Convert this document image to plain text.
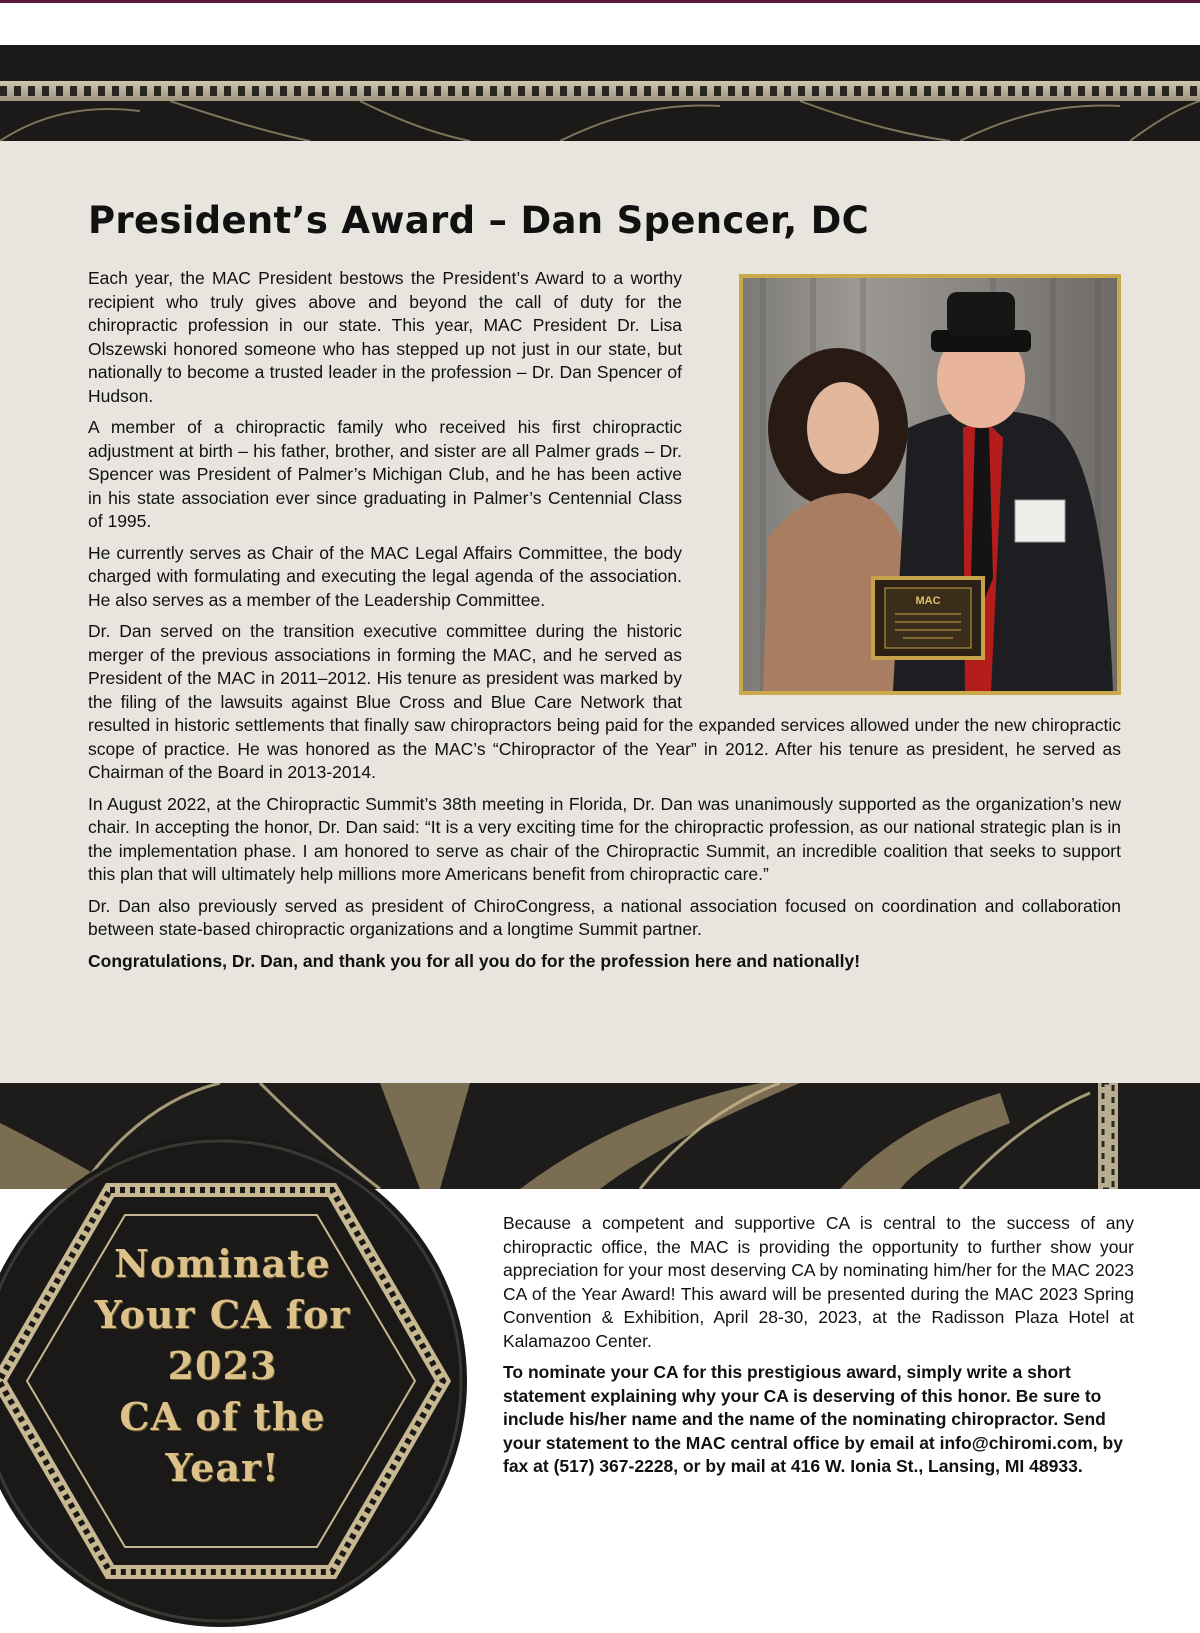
President’s Award – Dan Spencer, DC

Each year, the MAC President bestows the President’s Award to a worthy recipient who truly gives above and beyond the call of duty for the chiropractic profession in our state. This year, MAC President Dr. Lisa Olszewski honored someone who has stepped up not just in our state, but nationally to become a trusted leader in the profession – Dr. Dan Spencer of Hudson.

A member of a chiropractic family who received his first chiropractic adjustment at birth – his father, brother, and sister are all Palmer grads – Dr. Spencer was President of Palmer’s Michigan Club, and he has been active in his state association ever since graduating in Palmer’s Centennial Class of 1995.

He currently serves as Chair of the MAC Legal Affairs Committee, the body charged with formulating and executing the legal agenda of the association. He also serves as a member of the Leadership Committee.

Dr. Dan served on the transition executive committee during the historic merger of the previous associations in forming the MAC, and he served as President of the MAC in 2011–2012. His tenure as president was marked by the filing of the lawsuits against Blue Cross and Blue Care Network that resulted in historic settlements that finally saw chiropractors being paid for the expanded services allowed under the new chiropractic scope of practice. He was honored as the MAC’s “Chiropractor of the Year” in 2012. After his tenure as president, he served as Chairman of the Board in 2013-2014.

In August 2022, at the Chiropractic Summit’s 38th meeting in Florida, Dr. Dan was unanimously supported as the organization’s new chair. In accepting the honor, Dr. Dan said: “It is a very exciting time for the chiropractic profession, as our national strategic plan is in the implementation phase. I am honored to serve as chair of the Chiropractic Summit, an incredible coalition that seeks to support this plan that will ultimately help millions more Americans benefit from chiropractic care.”

Dr. Dan also previously served as president of ChiroCongress, a national association focused on coordination and collaboration between state-based chiropractic organizations and a longtime Summit partner.

Congratulations, Dr. Dan, and thank you for all you do for the profession here and nationally!

MAC
Nominate
Your CA for
2023
CA of the
Year!

Because a competent and supportive CA is central to the success of any chiropractic office, the MAC is providing the opportunity to further show your appreciation for your most deserving CA by nominating him/her for the MAC 2023 CA of the Year Award! This award will be presented during the MAC 2023 Spring Convention & Exhibition, April 28-30, 2023, at the Radisson Plaza Hotel at Kalamazoo Center.

To nominate your CA for this prestigious award, simply write a short statement explaining why your CA is deserving of this honor. Be sure to include his/her name and the name of the nominating chiropractor. Send your statement to the MAC central office by email at info@chiromi.com, by fax at (517) 367-2228, or by mail at 416 W. Ionia St., Lansing, MI 48933.
